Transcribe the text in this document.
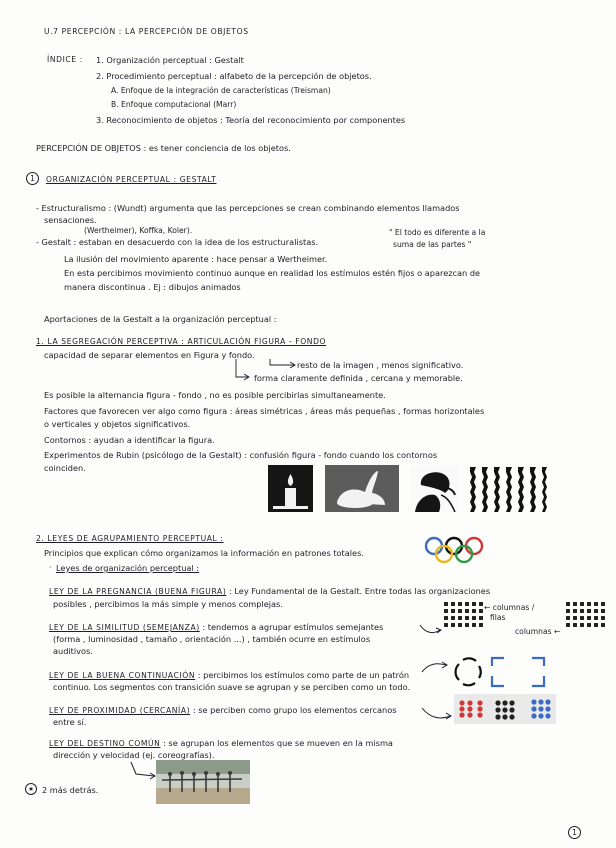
U.7 PERCEPCIÓN : LA PERCEPCIÓN DE OBJETOS
ÍNDICE : 1. Organización perceptual : Gestalt
2. Procedimiento perceptual : alfabeto de la percepción de objetos.
A. Enfoque de la integración de características (Treisman)
B. Enfoque computacional (Marr)
3. Reconocimiento de objetos : Teoría del reconocimiento por componentes
PERCEPCIÓN DE OBJETOS : es tener conciencia de los objetos.
1	ORGANIZACIÓN PERCEPTUAL : GESTALT
- Estructuralismo : (Wundt) argumenta que las percepciones se crean combinando elementos llamados
sensaciones.
(Wertheimer), Koffka, Koler).
- Gestalt : estaban en desacuerdo con la idea de los estructuralistas.
" El todo es diferente a la
suma de las partes "
La ilusión del movimiento aparente : hace pensar a Wertheimer.
En esta percibimos movimiento continuo aunque en realidad los estímulos estén fijos o aparezcan de
manera discontinua . Ej : dibujos animados
Aportaciones de la Gestalt a la organización perceptual :
1. LA SEGREGACIÓN PERCEPTIVA : ARTICULACIÓN FIGURA - FONDO
capacidad de separar elementos en Figura y fondo.
resto de la imagen , menos significativo.
forma claramente definida , cercana y memorable.
Es posible la alternancia figura - fondo , no es posible percibirlas simultaneamente.
Factores que favorecen ver algo como figura : áreas simétricas , áreas más pequeñas , formas horizontales
o verticales y objetos significativos.
Contornos : ayudan a identificar la figura.
Experimentos de Rubin (psicólogo de la Gestalt) : confusión figura - fondo cuando los contornos
coinciden.
2. LEYES DE AGRUPAMIENTO PERCEPTUAL :
Principios que explican cómo organizamos la información en patrones totales.
· Leyes de organización perceptual :
LEY DE LA PREGNANCIA (BUENA FIGURA) : Ley Fundamental de la Gestalt. Entre todas las organizaciones
posibles , percibimos la más simple y menos complejas.
LEY DE LA SIMILITUD (SEMEJANZA) : tendemos a agrupar estímulos semejantes
(forma , luminosidad , tamaño , orientación ...) , también ocurre en estímulos
auditivos.
← columnas /
filas
columnas ←
LEY DE LA BUENA CONTINUACIÓN : percibimos los estímulos como parte de un patrón
continuo. Los segmentos con transición suave se agrupan y se perciben como un todo.
LEY DE PROXIMIDAD (CERCANÍA) : se perciben como grupo los elementos cercanos
entre sí.
LEY DEL DESTINO COMÚN : se agrupan los elementos que se mueven en la misma
dirección y velocidad (ej. coreografías).
★ 2 más detrás.
1
